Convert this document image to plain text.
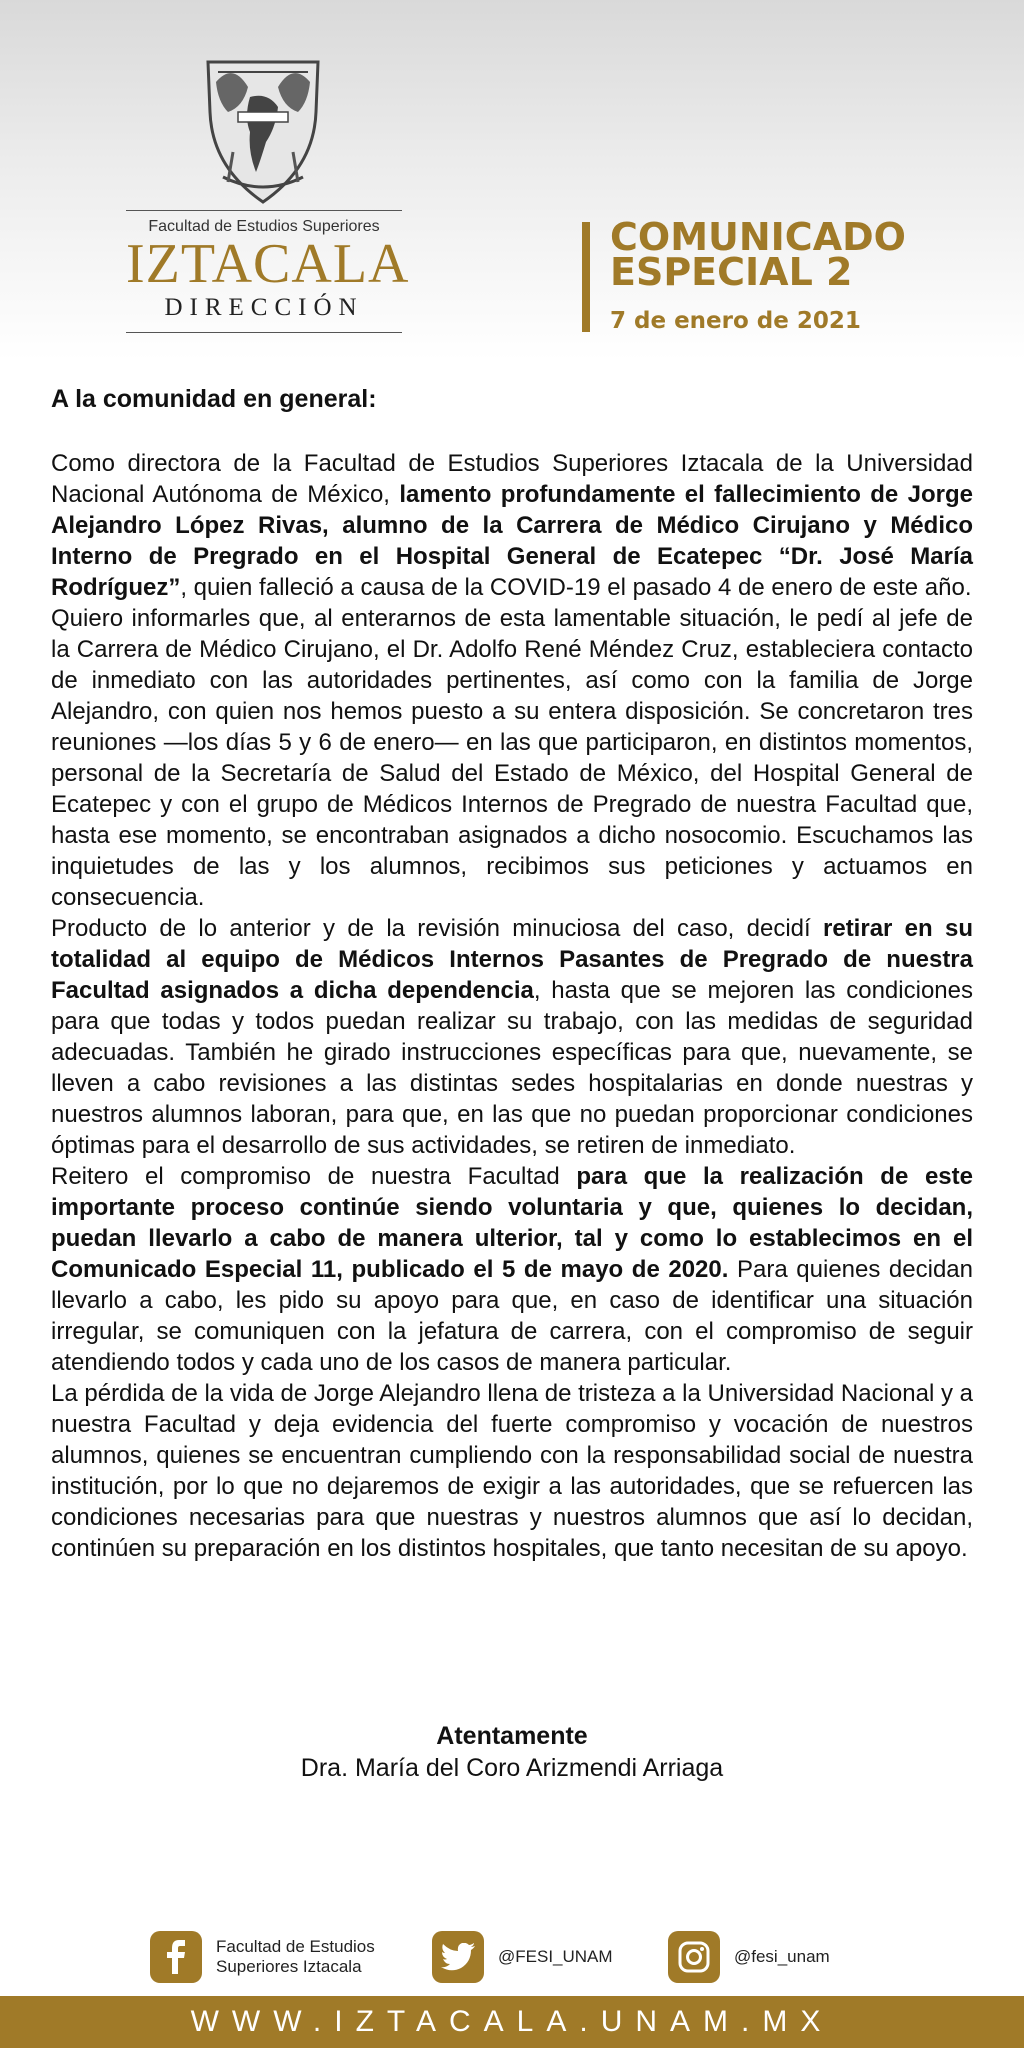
Facultad de Estudios Superiores
IZTACALA
DIRECCIÓN
COMUNICADO
ESPECIAL 2
7 de enero de 2021
A la comunidad en general:

Como directora de la Facultad de Estudios Superiores Iztacala de la Universidad Nacional Autónoma de México, lamento profundamente el fallecimiento de Jorge Alejandro López Rivas, alumno de la Carrera de Médico Cirujano y Médico Interno de Pregrado en el Hospital General de Ecatepec “Dr. José María Rodríguez”, quien falleció a causa de la COVID-19 el pasado 4 de enero de este año.

Quiero informarles que, al enterarnos de esta lamentable situación, le pedí al jefe de la Carrera de Médico Cirujano, el Dr. Adolfo René Méndez Cruz, estableciera contacto de inmediato con las autoridades pertinentes, así como con la familia de Jorge Alejandro, con quien nos hemos puesto a su entera disposición. Se concretaron tres reuniones —los días 5 y 6 de enero— en las que participaron, en distintos momentos, personal de la Secretaría de Salud del Estado de México, del Hospital General de Ecatepec y con el grupo de Médicos Internos de Pregrado de nuestra Facultad que, hasta ese momento, se encontraban asignados a dicho nosocomio. Escuchamos las inquietudes de las y los alumnos, recibimos sus peticiones y actuamos en consecuencia.

Producto de lo anterior y de la revisión minuciosa del caso, decidí retirar en su totalidad al equipo de Médicos Internos Pasantes de Pregrado de nuestra Facultad asignados a dicha dependencia, hasta que se mejoren las condiciones para que todas y todos puedan realizar su trabajo, con las medidas de seguridad adecuadas. También he girado instrucciones específicas para que, nuevamente, se lleven a cabo revisiones a las distintas sedes hospitalarias en donde nuestras y nuestros alumnos laboran, para que, en las que no puedan proporcionar condiciones óptimas para el desarrollo de sus actividades, se retiren de inmediato.

Reitero el compromiso de nuestra Facultad para que la realización de este importante proceso continúe siendo voluntaria y que, quienes lo decidan, puedan llevarlo a cabo de manera ulterior, tal y como lo establecimos en el Comunicado Especial 11, publicado el 5 de mayo de 2020. Para quienes decidan llevarlo a cabo, les pido su apoyo para que, en caso de identificar una situación irregular, se comuniquen con la jefatura de carrera, con el compromiso de seguir atendiendo todos y cada uno de los casos de manera particular.

La pérdida de la vida de Jorge Alejandro llena de tristeza a la Universidad Nacional y a nuestra Facultad y deja evidencia del fuerte compromiso y vocación de nuestros alumnos, quienes se encuentran cumpliendo con la responsabilidad social de nuestra institución, por lo que no dejaremos de exigir a las autoridades, que se refuercen las condiciones necesarias para que nuestras y nuestros alumnos que así lo decidan, continúen su preparación en los distintos hospitales, que tanto necesitan de su apoyo.

Atentamente
Dra. María del Coro Arizmendi Arriaga
Facultad de Estudios
Superiores Iztacala
@FESI_UNAM	@fesi_unam
WWW.IZTACALA.UNAM.MX
